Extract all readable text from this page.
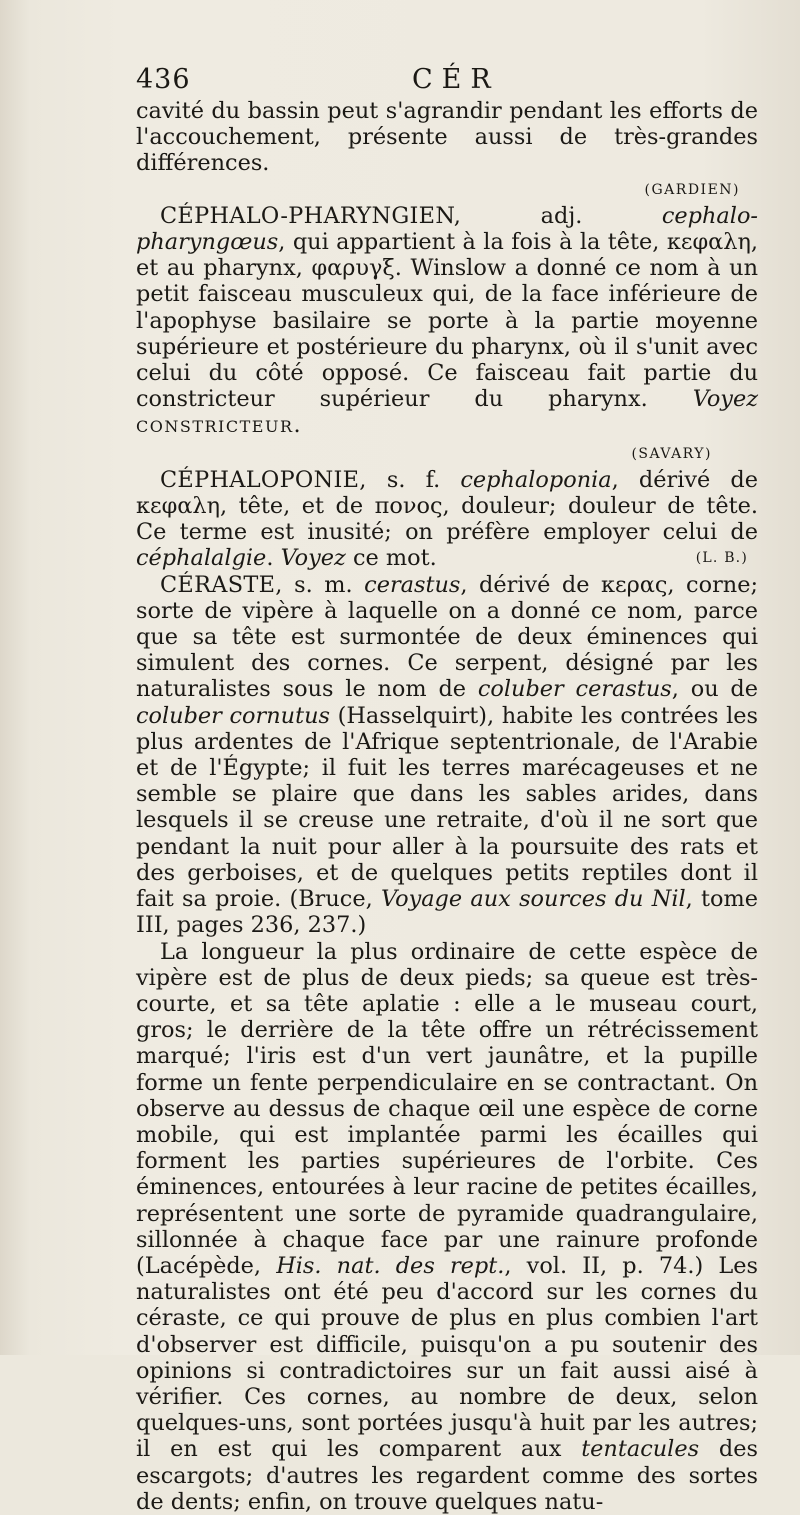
436	CÉR

cavité du bassin peut s'agrandir pendant les efforts de l'accouchement, présente aussi de très-grandes différences.

(GARDIEN)

CÉPHALO-PHARYNGIEN, adj. cephalo-pharyngœus, qui appartient à la fois à la tête, κεφαλη, et au pharynx, φαρυγξ. Winslow a donné ce nom à un petit faisceau musculeux qui, de la face inférieure de l'apophyse basilaire se porte à la partie moyenne supérieure et postérieure du pharynx, où il s'unit avec celui du côté opposé. Ce faisceau fait partie du constricteur supérieur du pharynx. Voyez CONSTRICTEUR.

(SAVARY)

CÉPHALOPONIE, s. f. cephaloponia, dérivé de κεφαλη, tête, et de πονος, douleur; douleur de tête. Ce terme est inusité; on préfère employer celui de céphalalgie. Voyez ce mot.	(L. B.)

CÉRASTE, s. m. cerastus, dérivé de κερας, corne; sorte de vipère à laquelle on a donné ce nom, parce que sa tête est surmontée de deux éminences qui simulent des cornes. Ce serpent, désigné par les naturalistes sous le nom de coluber cerastus, ou de coluber cornutus (Hasselquirt), habite les contrées les plus ardentes de l'Afrique septentrionale, de l'Arabie et de l'Égypte; il fuit les terres marécageuses et ne semble se plaire que dans les sables arides, dans lesquels il se creuse une retraite, d'où il ne sort que pendant la nuit pour aller à la poursuite des rats et des gerboises, et de quelques petits reptiles dont il fait sa proie. (Bruce, Voyage aux sources du Nil, tome III, pages 236, 237.)

La longueur la plus ordinaire de cette espèce de vipère est de plus de deux pieds; sa queue est très-courte, et sa tête aplatie : elle a le museau court, gros; le derrière de la tête offre un rétrécissement marqué; l'iris est d'un vert jaunâtre, et la pupille forme un fente perpendiculaire en se contractant. On observe au dessus de chaque œil une espèce de corne mobile, qui est implantée parmi les écailles qui forment les parties supérieures de l'orbite. Ces éminences, entourées à leur racine de petites écailles, représentent une sorte de pyramide quadrangulaire, sillonnée à chaque face par une rainure profonde (Lacépède, His. nat. des rept., vol. II, p. 74.) Les naturalistes ont été peu d'accord sur les cornes du céraste, ce qui prouve de plus en plus combien l'art d'observer est difficile, puisqu'on a pu soutenir des opinions si contradictoires sur un fait aussi aisé à vérifier. Ces cornes, au nombre de deux, selon quelques-uns, sont portées jusqu'à huit par les autres; il en est qui les comparent aux tentacules des escargots; d'autres les regardent comme des sortes de dents; enfin, on trouve quelques natu-
